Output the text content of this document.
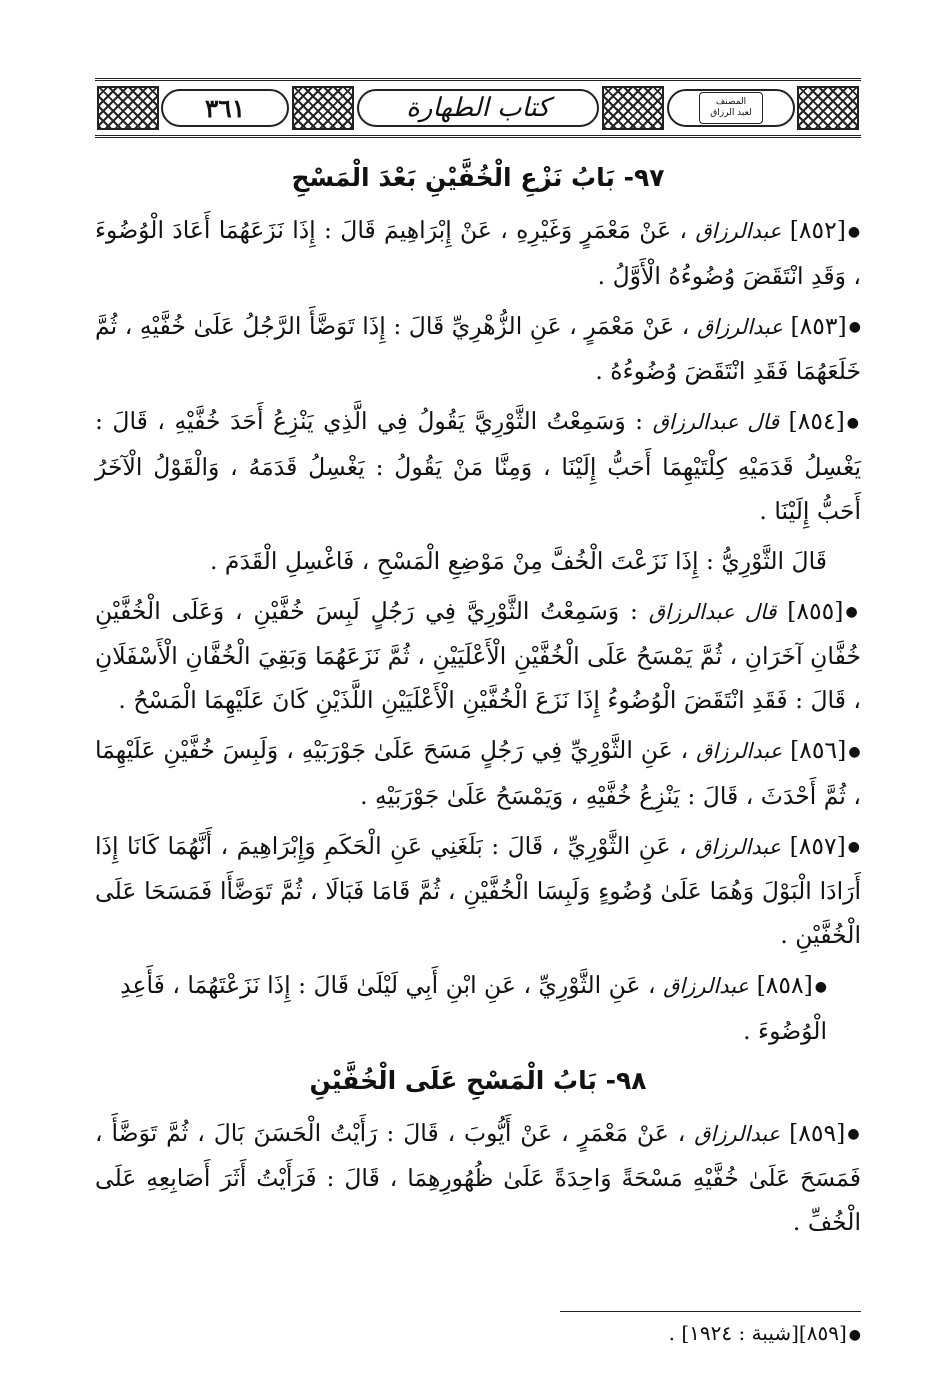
٣٦١	كتاب الطهارة	المصنف
لعبد الرزاق
٩٧- بَابُ نَزْعِ الْخُفَّيْنِ بَعْدَ الْمَسْحِ

●[٨٥٢] عبدالرزاق ، عَنْ مَعْمَرٍ وَغَيْرِهِ ، عَنْ إِبْرَاهِيمَ قَالَ : إِذَا نَزَعَهُمَا أَعَادَ الْوُضُوءَ ، وَقَدِ انْتَقَضَ وُضُوءُهُ الْأَوَّلُ .

●[٨٥٣] عبدالرزاق ، عَنْ مَعْمَرٍ ، عَنِ الزُّهْرِيِّ قَالَ : إِذَا تَوَضَّأَ الرَّجُلُ عَلَىٰ خُفَّيْهِ ، ثُمَّ خَلَعَهُمَا فَقَدِ انْتَقَضَ وُضُوءُهُ .

●[٨٥٤] قال عبدالرزاق : وَسَمِعْتُ الثَّوْرِيَّ يَقُولُ فِي الَّذِي يَنْزِعُ أَحَدَ خُفَّيْهِ ، قَالَ : يَغْسِلُ قَدَمَيْهِ كِلْتَيْهِمَا أَحَبُّ إِلَيْنَا ، وَمِنَّا مَنْ يَقُولُ : يَغْسِلُ قَدَمَهُ ، وَالْقَوْلُ الْآخَرُ أَحَبُّ إِلَيْنَا .

قَالَ الثَّوْرِيُّ : إِذَا نَزَعْتَ الْخُفَّ مِنْ مَوْضِعِ الْمَسْحِ ، فَاغْسِلِ الْقَدَمَ .

●[٨٥٥] قال عبدالرزاق : وَسَمِعْتُ الثَّوْرِيَّ فِي رَجُلٍ لَبِسَ خُفَّيْنِ ، وَعَلَى الْخُفَّيْنِ خُفَّانِ آخَرَانِ ، ثُمَّ يَمْسَحُ عَلَى الْخُفَّيْنِ الْأَعْلَيَيْنِ ، ثُمَّ نَزَعَهُمَا وَبَقِيَ الْخُفَّانِ الْأَسْفَلَانِ ، قَالَ : فَقَدِ انْتَقَضَ الْوُضُوءُ إِذَا نَزَعَ الْخُفَّيْنِ الْأَعْلَيَيْنِ اللَّذَيْنِ كَانَ عَلَيْهِمَا الْمَسْحُ .

●[٨٥٦] عبدالرزاق ، عَنِ الثَّوْرِيِّ فِي رَجُلٍ مَسَحَ عَلَىٰ جَوْرَبَيْهِ ، وَلَبِسَ خُفَّيْنِ عَلَيْهِمَا ، ثُمَّ أَحْدَثَ ، قَالَ : يَنْزِعُ خُفَّيْهِ ، وَيَمْسَحُ عَلَىٰ جَوْرَبَيْهِ .

●[٨٥٧] عبدالرزاق ، عَنِ الثَّوْرِيِّ ، قَالَ : بَلَغَنِي عَنِ الْحَكَمِ وَإِبْرَاهِيمَ ، أَنَّهُمَا كَانَا إِذَا أَرَادَا الْبَوْلَ وَهُمَا عَلَىٰ وُضُوءٍ وَلَبِسَا الْخُفَّيْنِ ، ثُمَّ قَامَا فَبَالَا ، ثُمَّ تَوَضَّأَا فَمَسَحَا عَلَى الْخُفَّيْنِ .

●[٨٥٨] عبدالرزاق ، عَنِ الثَّوْرِيِّ ، عَنِ ابْنِ أَبِي لَيْلَىٰ قَالَ : إِذَا نَزَعْتَهُمَا ، فَأَعِدِ الْوُضُوءَ .

٩٨- بَابُ الْمَسْحِ عَلَى الْخُفَّيْنِ

●[٨٥٩] عبدالرزاق ، عَنْ مَعْمَرٍ ، عَنْ أَيُّوبَ ، قَالَ : رَأَيْتُ الْحَسَنَ بَالَ ، ثُمَّ تَوَضَّأَ ، فَمَسَحَ عَلَىٰ خُفَّيْهِ مَسْحَةً وَاحِدَةً عَلَىٰ ظُهُورِهِمَا ، قَالَ : فَرَأَيْتُ أَثَرَ أَصَابِعِهِ عَلَى الْخُفِّ .

●[٨٥٩][شيبة : ١٩٢٤] .
